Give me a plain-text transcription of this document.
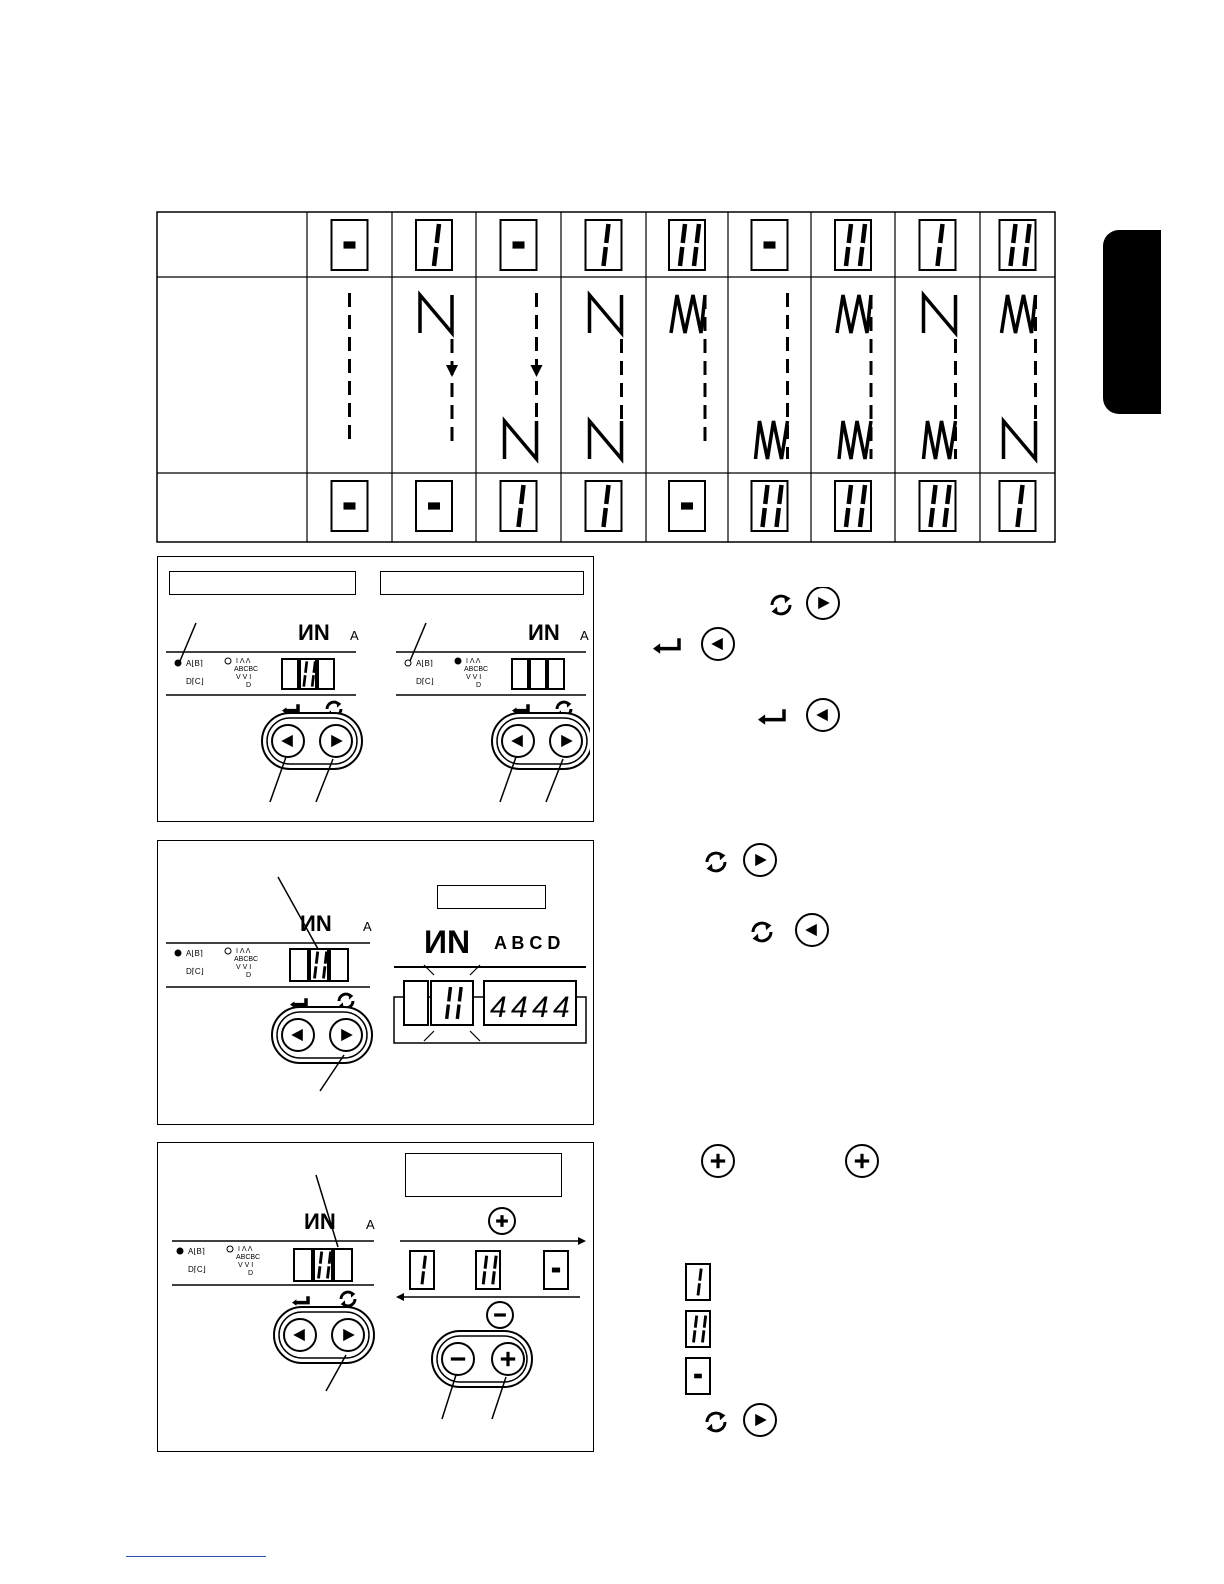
ИN A
A⌊B⌉
D⌈C⌋
I Λ Λ
ABCBC
V V I
D
ИN A
A⌊B⌉
D⌈C⌋
I Λ Λ
ABCBC
V V I
D
ИN A
A⌊B⌉
D⌈C⌋
I Λ Λ
ABCBC
V V I
D
ИN A B C D
4 4 4 4
ИN A
A⌊B⌉
D⌈C⌋
I Λ Λ
ABCBC
V V I
D
